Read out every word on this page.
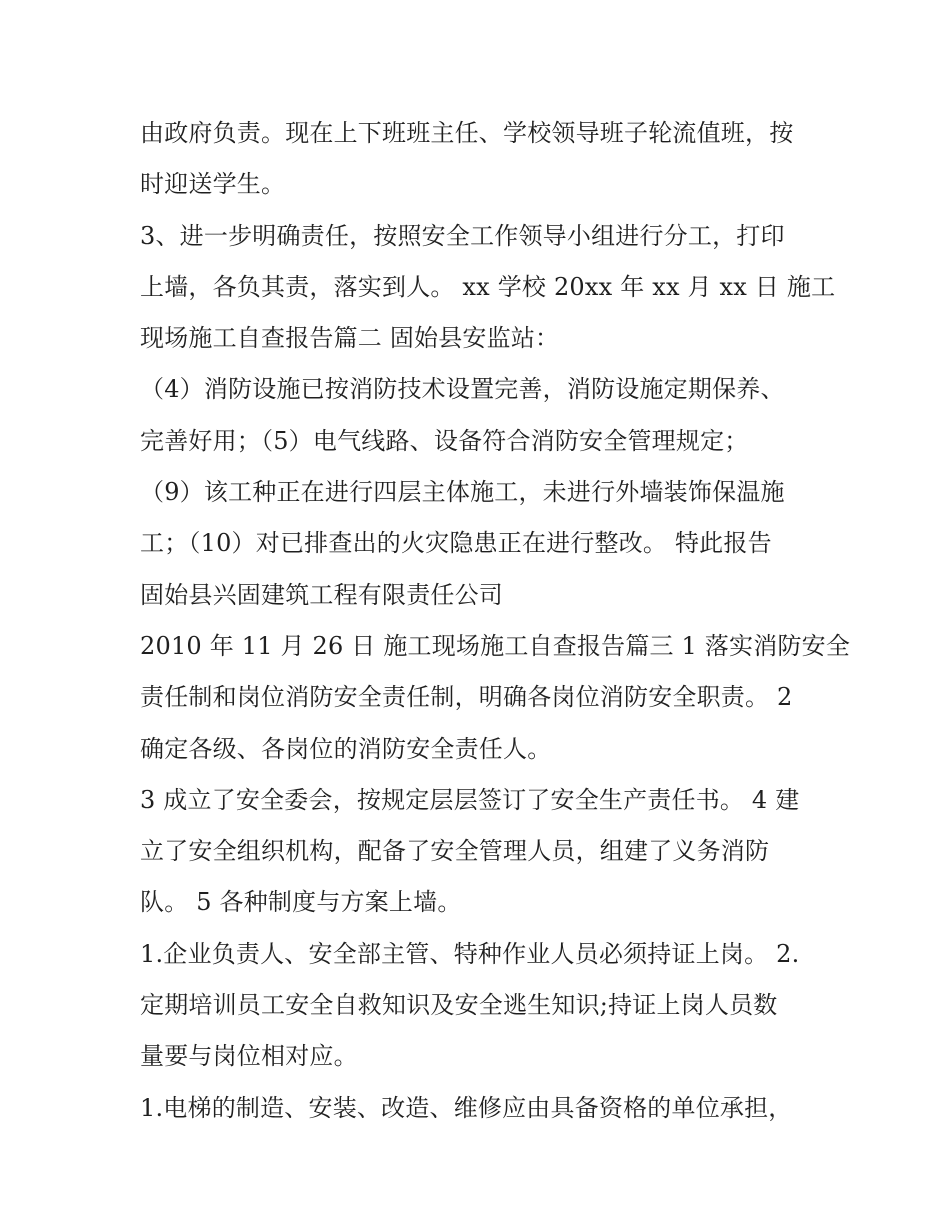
由政府负责。现在上下班班主任、学校领导班子轮流值班，按

时迎送学生。

3、进一步明确责任，按照安全工作领导小组进行分工，打印

上墙，各负其责，落实到人。 xx 学校 20xx 年 xx 月 xx 日 施工

现场施工自查报告篇二 固始县安监站：

（4）消防设施已按消防技术设置完善，消防设施定期保养、

完善好用；（5）电气线路、设备符合消防安全管理规定；

（9）该工种正在进行四层主体施工，未进行外墙装饰保温施

工；（10）对已排查出的火灾隐患正在进行整改。 特此报告

固始县兴固建筑工程有限责任公司

2010 年 11 月 26 日 施工现场施工自查报告篇三 1 落实消防安全

责任制和岗位消防安全责任制，明确各岗位消防安全职责。 2

确定各级、各岗位的消防安全责任人。

3 成立了安全委会，按规定层层签订了安全生产责任书。 4 建

立了安全组织机构，配备了安全管理人员，组建了义务消防

队。 5 各种制度与方案上墙。

1.企业负责人、安全部主管、特种作业人员必须持证上岗。 2.

定期培训员工安全自救知识及安全逃生知识;持证上岗人员数

量要与岗位相对应。

1.电梯的制造、安装、改造、维修应由具备资格的单位承担，
